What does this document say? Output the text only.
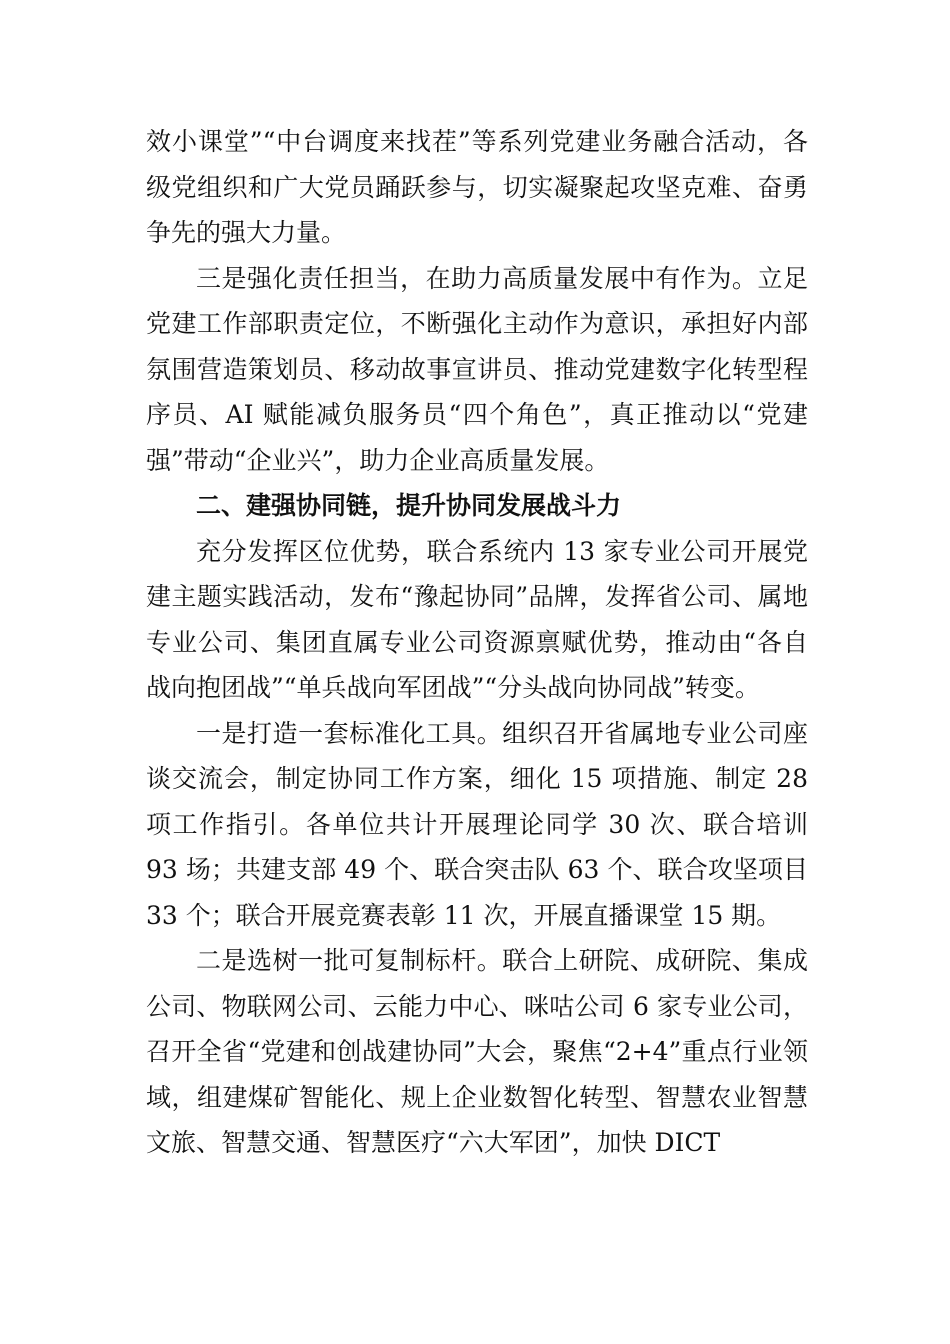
效小课堂”“中台调度来找茬”等系列党建业务融合活动，各级党组织和广大党员踊跃参与，切实凝聚起攻坚克难、奋勇争先的强大力量。

三是强化责任担当，在助力高质量发展中有作为。立足党建工作部职责定位，不断强化主动作为意识，承担好内部氛围营造策划员、移动故事宣讲员、推动党建数字化转型程序员、AI 赋能减负服务员“四个角色”，真正推动以“党建强”带动“企业兴”，助力企业高质量发展。

二、建强协同链，提升协同发展战斗力

充分发挥区位优势，联合系统内 13 家专业公司开展党建主题实践活动，发布“豫起协同”品牌，发挥省公司、属地专业公司、集团直属专业公司资源禀赋优势，推动由“各自战向抱团战”“单兵战向军团战”“分头战向协同战”转变。

一是打造一套标准化工具。组织召开省属地专业公司座谈交流会，制定协同工作方案，细化 15 项措施、制定 28 项工作指引。各单位共计开展理论同学 30 次、联合培训 93 场；共建支部 49 个、联合突击队 63 个、联合攻坚项目 33 个；联合开展竞赛表彰 11 次，开展直播课堂 15 期。

二是选树一批可复制标杆。联合上研院、成研院、集成公司、物联网公司、云能力中心、咪咕公司 6 家专业公司，召开全省“党建和创战建协同”大会，聚焦“2+4”重点行业领域，组建煤矿智能化、规上企业数智化转型、智慧农业智慧文旅、智慧交通、智慧医疗“六大军团”，加快 DICT
